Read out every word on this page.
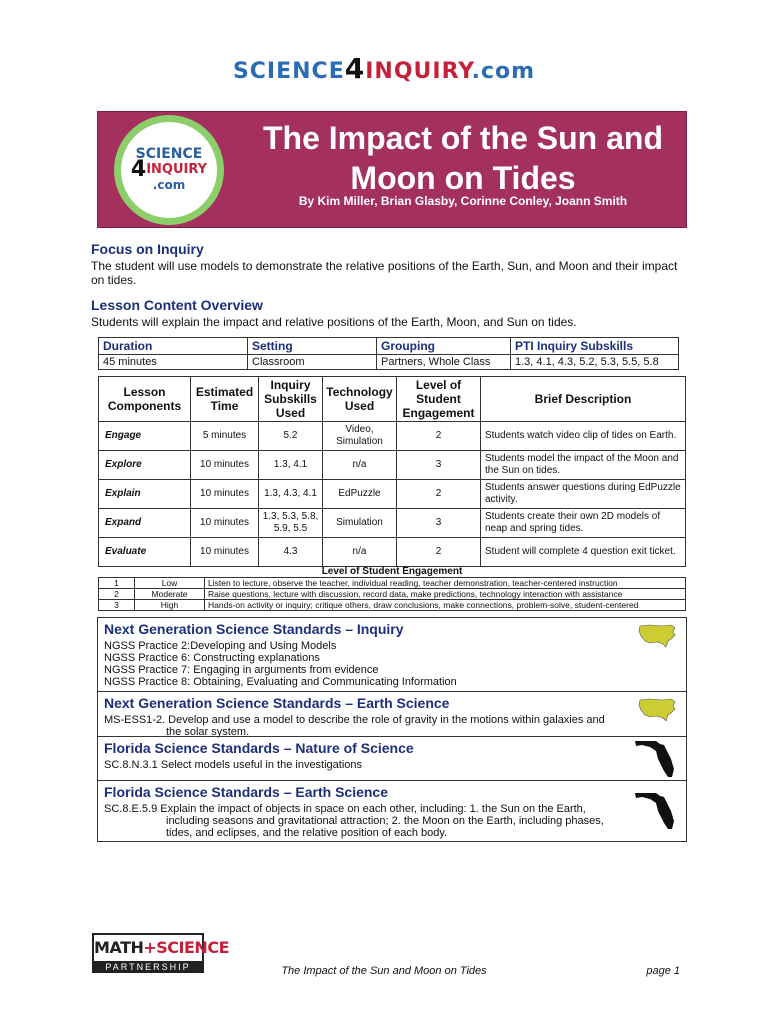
SCIENCE4INQUIRY.com
SCIENCE
4INQUIRY
.com
The Impact of the Sun and
Moon on Tides
By Kim Miller, Brian Glasby, Corinne Conley, Joann Smith
Focus on Inquiry
The student will use models to demonstrate the relative positions of the Earth, Sun, and Moon and their impact on tides.
Lesson Content Overview
Students will explain the impact and relative positions of the Earth, Moon, and Sun on tides.
Duration	Setting	Grouping	PTI Inquiry Subskills
45 minutes	Classroom	Partners, Whole Class	1.3, 4.1, 4.3, 5.2, 5.3, 5.5, 5.8
Lesson Components	Estimated Time	Inquiry Subskills Used	Technology Used	Level of Student Engagement	Brief Description
Engage	5 minutes	5.2	Video, Simulation	2	Students watch video clip of tides on Earth.
Explore	10 minutes	1.3, 4.1	n/a	3	Students model the impact of the Moon and the Sun on tides.
Explain	10 minutes	1.3, 4.3, 4.1	EdPuzzle	2	Students answer questions during EdPuzzle activity.
Expand	10 minutes	1.3, 5.3, 5.8, 5.9, 5.5	Simulation	3	Students create their own 2D models of neap and spring tides.
Evaluate	10 minutes	4.3	n/a	2	Student will complete 4 question exit ticket.
Level of Student Engagement
1	Low	Listen to lecture, observe the teacher, individual reading, teacher demonstration, teacher-centered instruction
2	Moderate	Raise questions, lecture with discussion, record data, make predictions, technology interaction with assistance
3	High	Hands-on activity or inquiry; critique others, draw conclusions, make connections, problem-solve, student-centered
Next Generation Science Standards – Inquiry
NGSS Practice 2:Developing and Using Models
NGSS Practice 6: Constructing explanations
NGSS Practice 7: Engaging in arguments from evidence
NGSS Practice 8: Obtaining, Evaluating and Communicating Information
Next Generation Science Standards – Earth Science
MS-ESS1-2. Develop and use a model to describe the role of gravity in the motions within galaxies and
the solar system.
Florida Science Standards – Nature of Science
SC.8.N.3.1 Select models useful in the investigations
Florida Science Standards – Earth Science
SC.8.E.5.9 Explain the impact of objects in space on each other, including: 1. the Sun on the Earth,
including seasons and gravitational attraction; 2. the Moon on the Earth, including phases,
tides, and eclipses, and the relative position of each body.
MATH+SCIENCE
PARTNERSHIP	The Impact of the Sun and Moon on Tides	page 1
